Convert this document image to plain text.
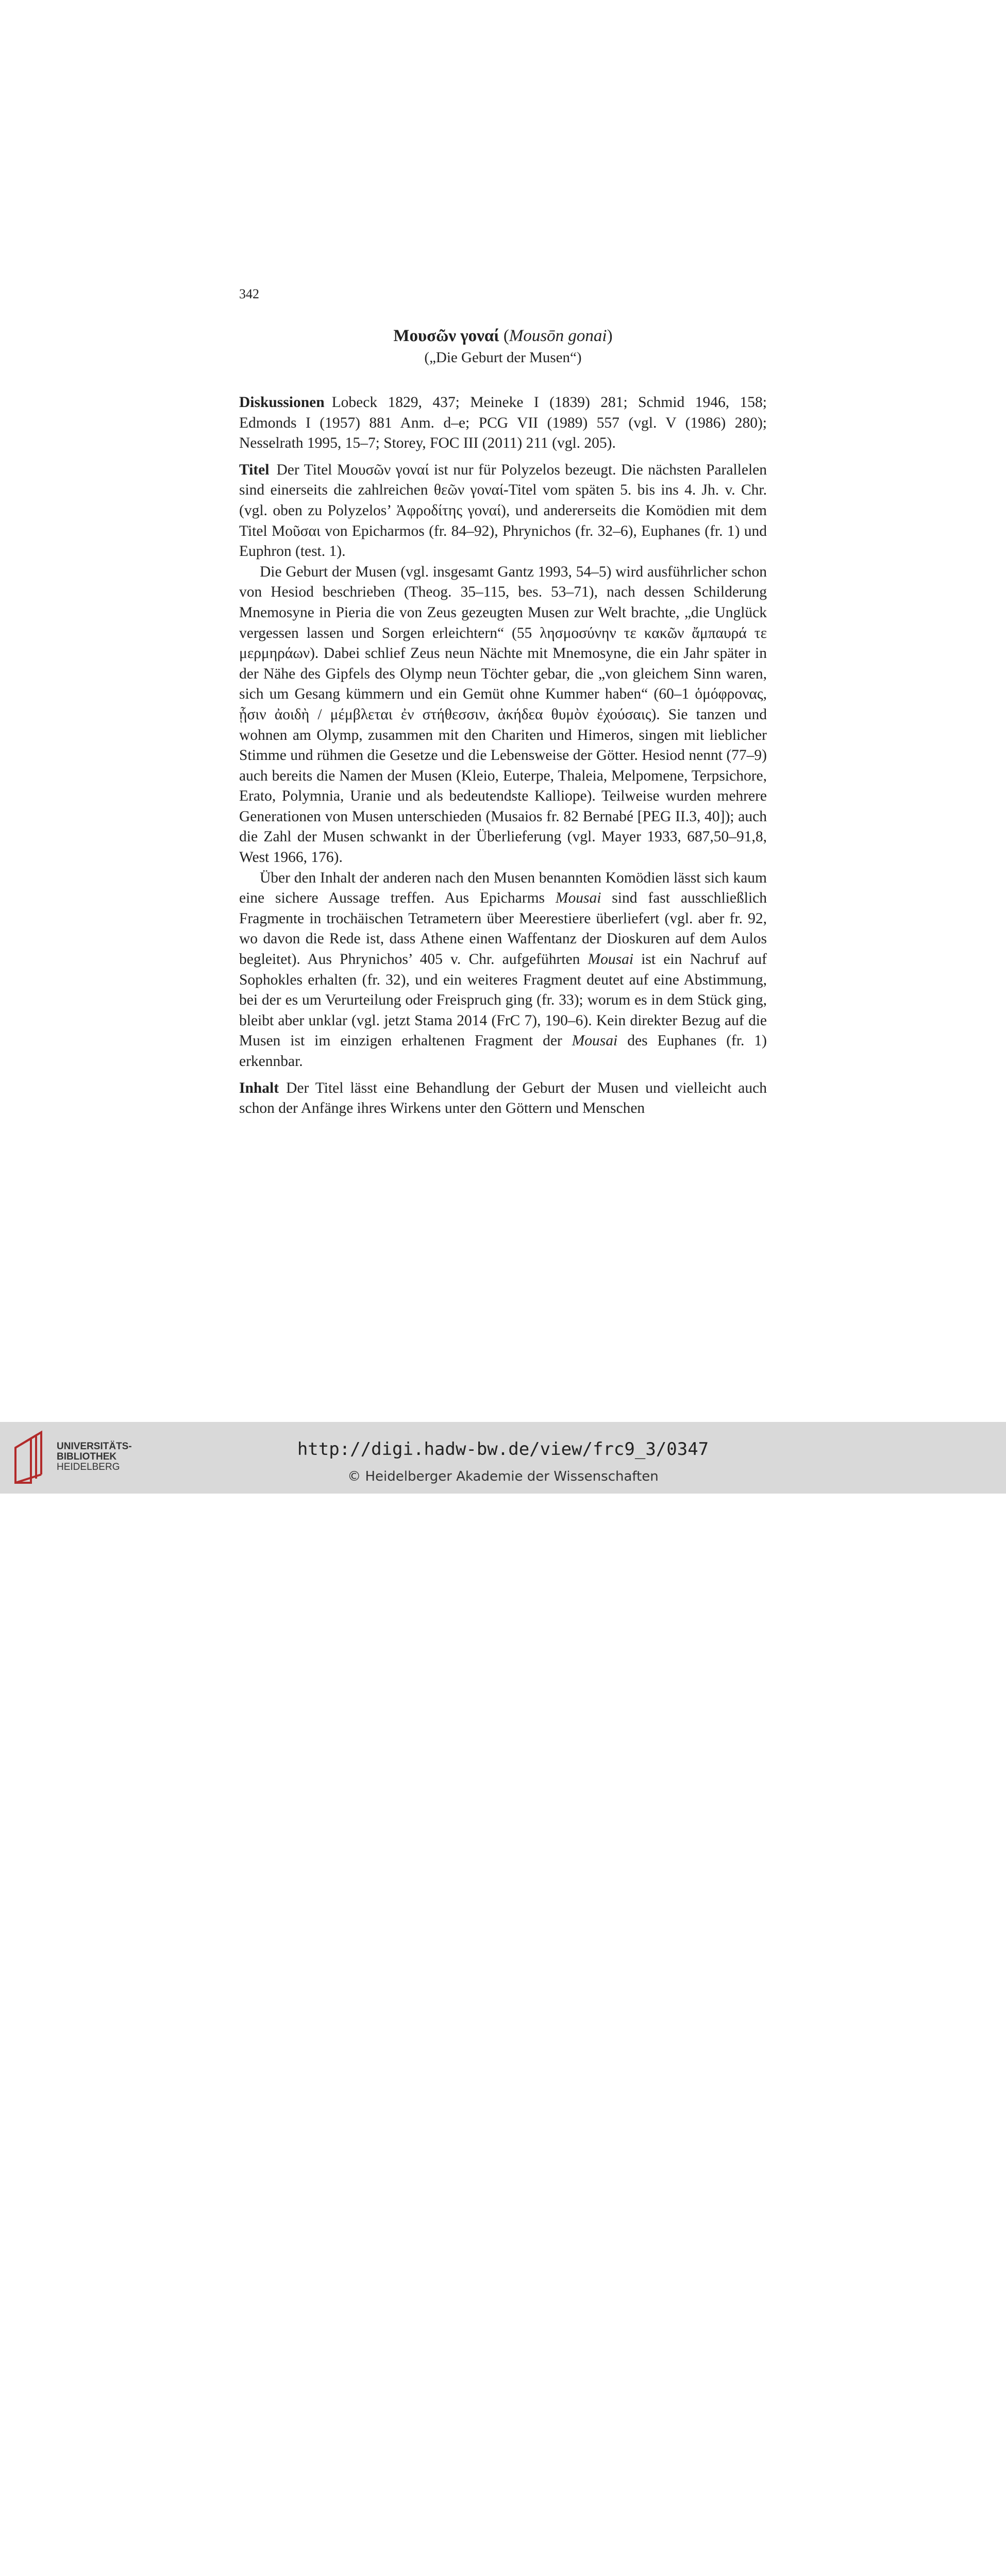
342
Μουσῶν γοναί (Mousōn gonai)
(„Die Geburt der Musen“)

Diskussionen Lobeck 1829, 437; Meineke I (1839) 281; Schmid 1946, 158; Edmonds I (1957) 881 Anm. d–e; PCG VII (1989) 557 (vgl. V (1986) 280); Nesselrath 1995, 15–7; Storey, FOC III (2011) 211 (vgl. 205).

Titel Der Titel Μουσῶν γοναί ist nur für Polyzelos bezeugt. Die nächsten Parallelen sind einerseits die zahlreichen θεῶν γοναί-Titel vom späten 5. bis ins 4. Jh. v. Chr. (vgl. oben zu Polyzelos’ Ἀφροδίτης γοναί), und andererseits die Komödien mit dem Titel Μοῦσαι von Epicharmos (fr. 84–92), Phrynichos (fr. 32–6), Euphanes (fr. 1) und Euphron (test. 1).

Die Geburt der Musen (vgl. insgesamt Gantz 1993, 54–5) wird ausführlicher schon von Hesiod beschrieben (Theog. 35–115, bes. 53–71), nach dessen Schilderung Mnemosyne in Pieria die von Zeus gezeugten Musen zur Welt brachte, „die Unglück vergessen lassen und Sorgen erleichtern“ (55 λησμοσύνην τε κακῶν ἄμπαυρά τε μερμηράων). Dabei schlief Zeus neun Nächte mit Mnemosyne, die ein Jahr später in der Nähe des Gipfels des Olymp neun Töchter gebar, die „von gleichem Sinn waren, sich um Gesang kümmern und ein Gemüt ohne Kummer haben“ (60–1 ὁμόφρονας, ᾗσιν ἀοιδὴ / μέμβλεται ἐν στήθεσσιν, ἀκήδεα θυμὸν ἐχούσαις). Sie tanzen und wohnen am Olymp, zusammen mit den Chariten und Himeros, singen mit lieblicher Stimme und rühmen die Gesetze und die Lebensweise der Götter. Hesiod nennt (77–9) auch bereits die Namen der Musen (Kleio, Euterpe, Thaleia, Melpomene, Terpsichore, Erato, Polymnia, Uranie und als bedeutendste Kalliope). Teilweise wurden mehrere Generationen von Musen unterschieden (Musaios fr. 82 Bernabé [PEG II.3, 40]); auch die Zahl der Musen schwankt in der Überlieferung (vgl. Mayer 1933, 687,50–91,8, West 1966, 176).

Über den Inhalt der anderen nach den Musen benannten Komödien lässt sich kaum eine sichere Aussage treffen. Aus Epicharms Mousai sind fast ausschließlich Fragmente in trochäischen Tetrametern über Meerestiere überliefert (vgl. aber fr. 92, wo davon die Rede ist, dass Athene einen Waffentanz der Dioskuren auf dem Aulos begleitet). Aus Phrynichos’ 405 v. Chr. aufgeführten Mousai ist ein Nachruf auf Sophokles erhalten (fr. 32), und ein weiteres Fragment deutet auf eine Abstimmung, bei der es um Verurteilung oder Freispruch ging (fr. 33); worum es in dem Stück ging, bleibt aber unklar (vgl. jetzt Stama 2014 (FrC 7), 190–6). Kein direkter Bezug auf die Musen ist im einzigen erhaltenen Fragment der Mousai des Euphanes (fr. 1) erkennbar.

Inhalt Der Titel lässt eine Behandlung der Geburt der Musen und vielleicht auch schon der Anfänge ihres Wirkens unter den Göttern und Menschen

UNIVERSITÄTS-
BIBLIOTHEK
HEIDELBERG
http://digi.hadw-bw.de/view/frc9_3/0347
© Heidelberger Akademie der Wissenschaften
